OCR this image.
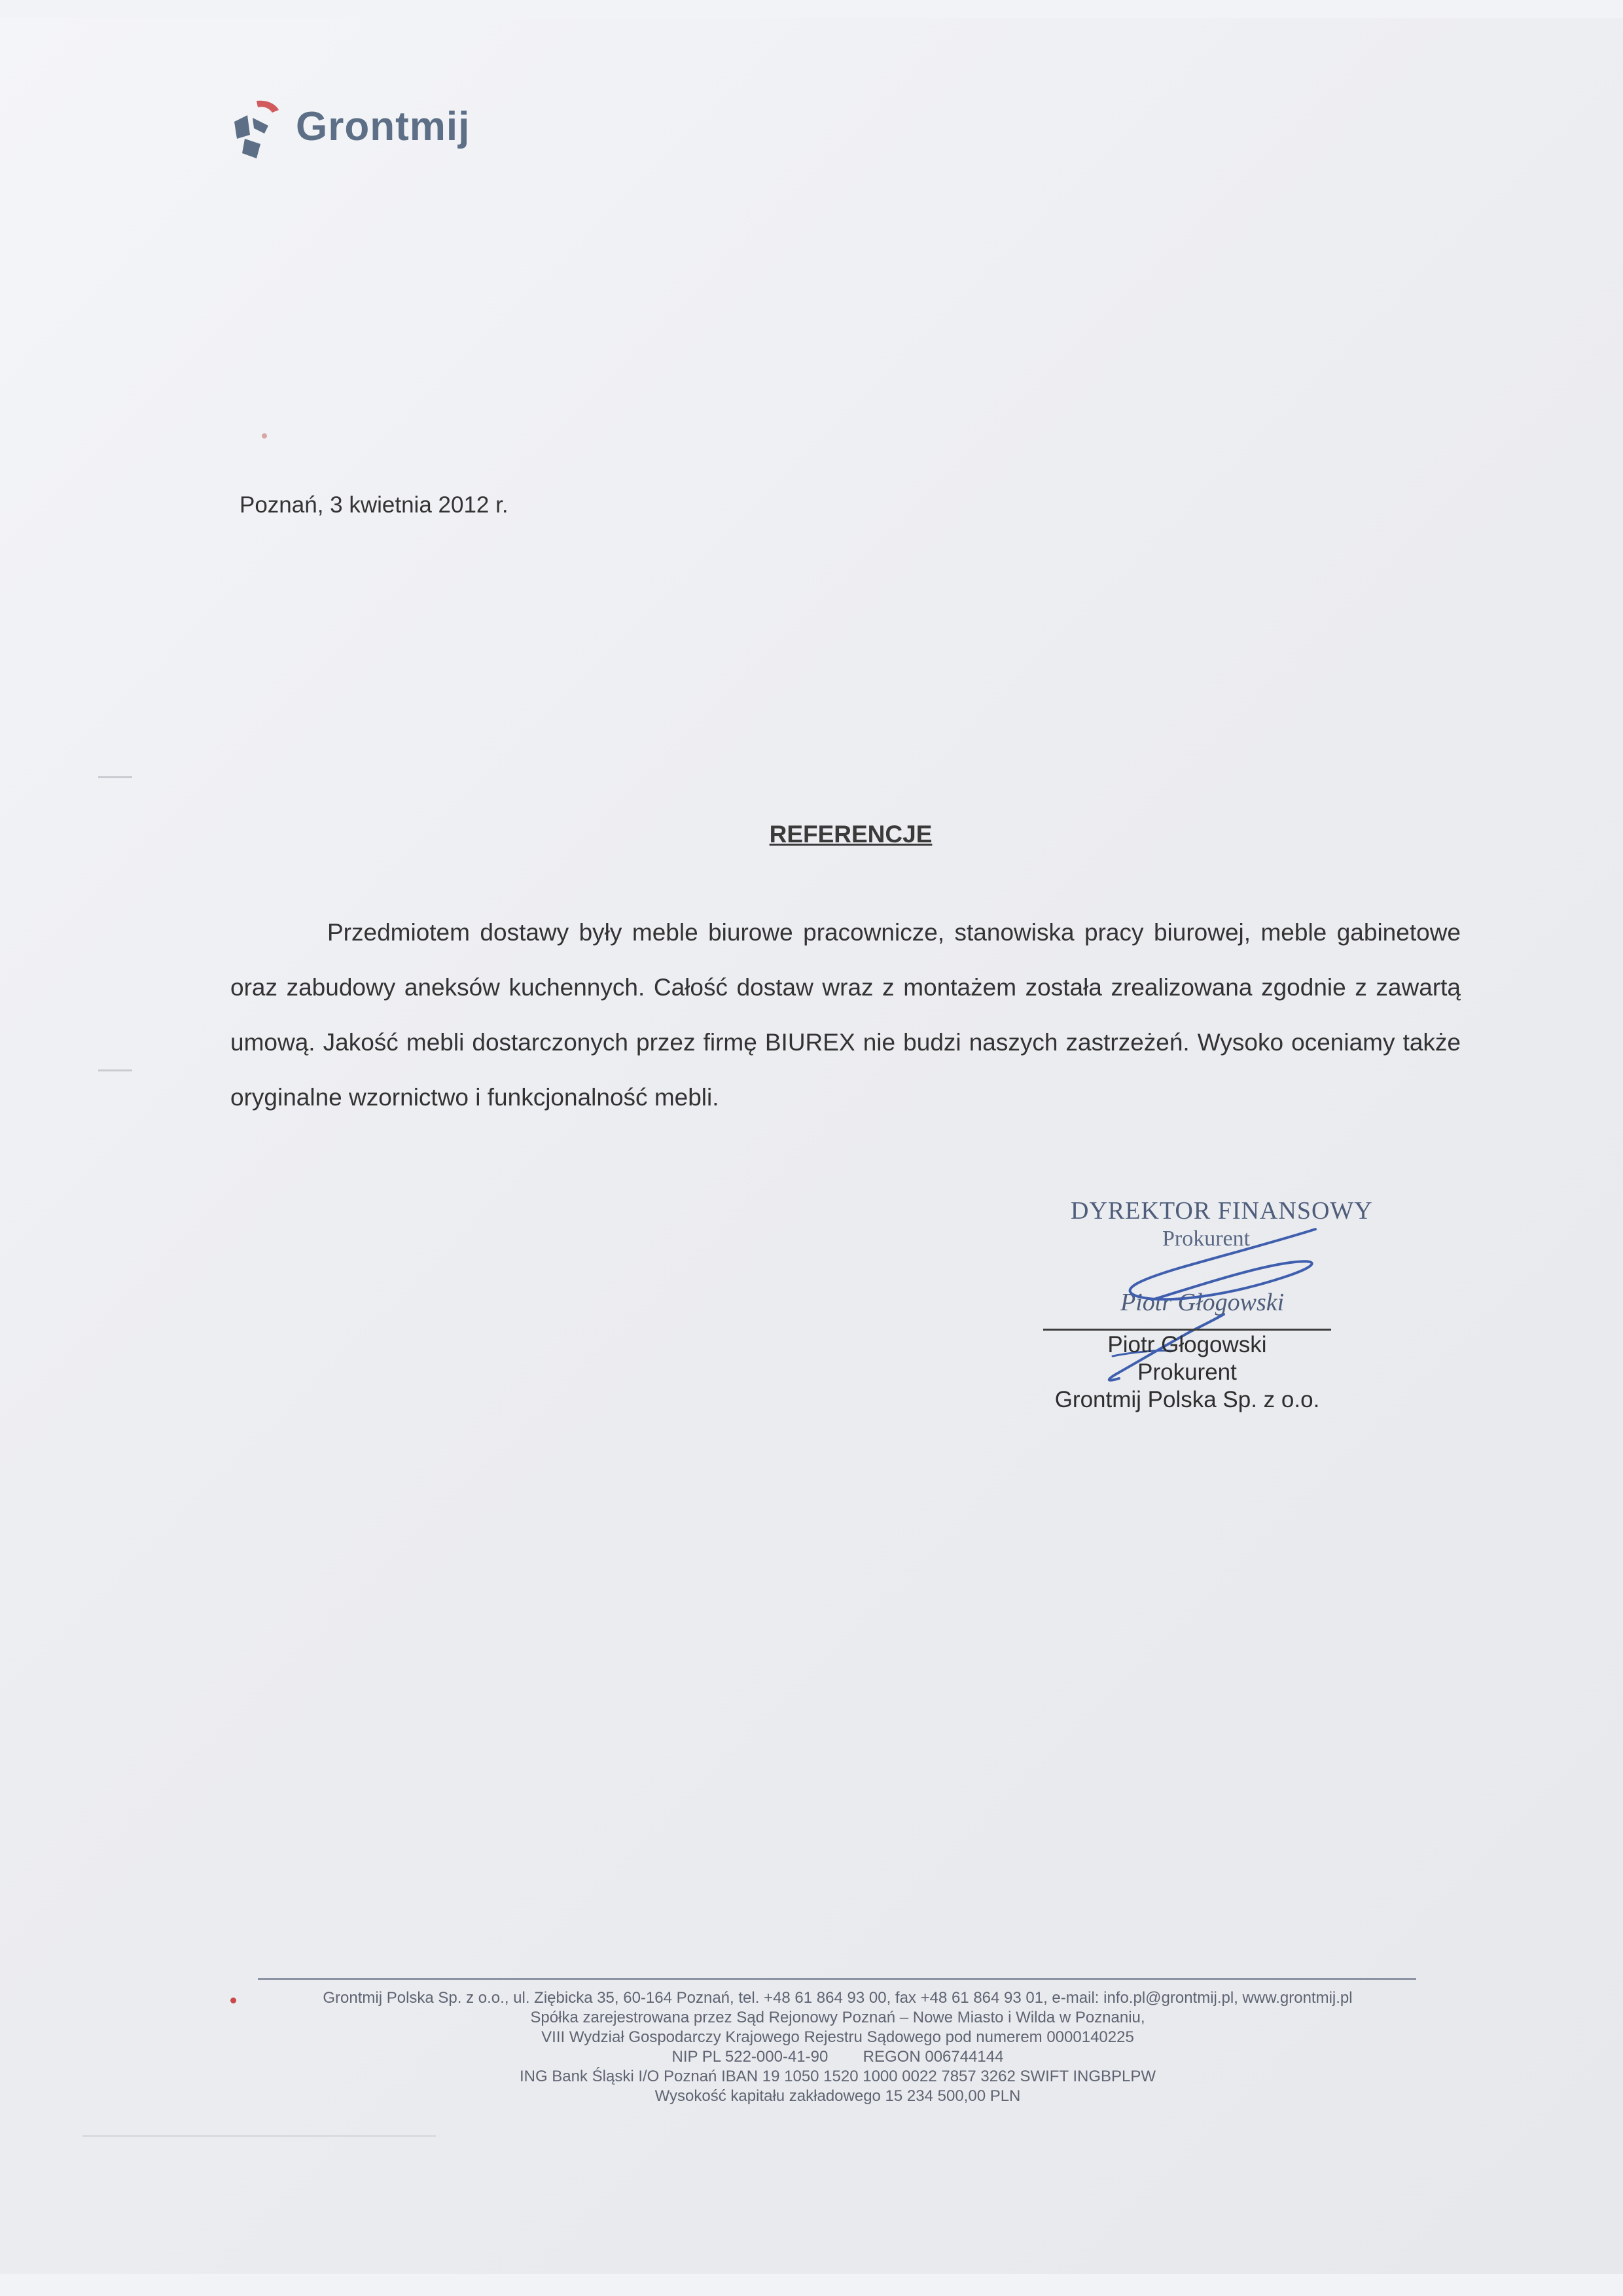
Grontmij
Poznań, 3 kwietnia 2012 r.
REFERENCJE
Przedmiotem dostawy były meble biurowe pracownicze, stanowiska pracy biurowej, meble gabinetowe oraz zabudowy aneksów kuchennych. Całość dostaw wraz z montażem została zrealizowana zgodnie z zawartą umową. Jakość mebli dostarczonych przez firmę BIUREX nie budzi naszych zastrzeżeń. Wysoko oceniamy także oryginalne wzornictwo i funkcjonalność mebli.
DYREKTOR FINANSOWY
Prokurent
Piotr Głogowski
Piotr Głogowski
Prokurent
Grontmij Polska Sp. z o.o.
Grontmij Polska Sp. z o.o., ul. Ziębicka 35, 60-164 Poznań, tel. +48 61 864 93 00, fax +48 61 864 93 01, e-mail: info.pl@grontmij.pl, www.grontmij.pl
Spółka zarejestrowana przez Sąd Rejonowy Poznań – Nowe Miasto i Wilda w Poznaniu,
VIII Wydział Gospodarczy Krajowego Rejestru Sądowego pod numerem 0000140225
NIP PL 522-000-41-90        REGON 006744144
ING Bank Śląski I/O Poznań IBAN 19 1050 1520 1000 0022 7857 3262 SWIFT INGBPLPW
Wysokość kapitału zakładowego 15 234 500,00 PLN
